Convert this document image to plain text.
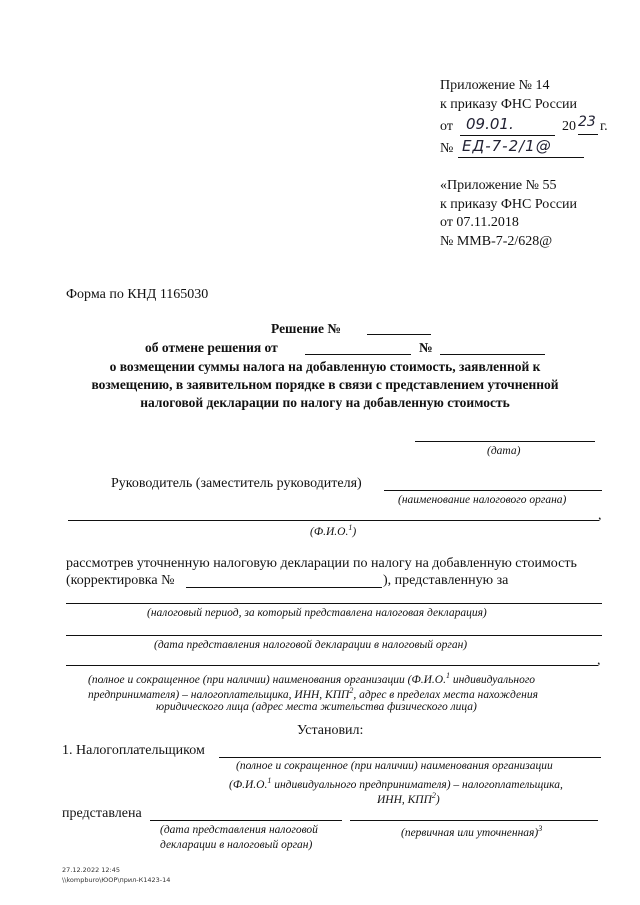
Приложение № 14
к приказу ФНС России
от 09.01.	20 23 г.
№ ЕД-7-2/1@
«Приложение № 55
к приказу ФНС России
от 07.11.2018
№ ММВ-7-2/628@
Форма по КНД 1165030
Решение №
об отмене решения от	№
о возмещении суммы налога на добавленную стоимость, заявленной к
возмещению, в заявительном порядке в связи с представлением уточненной
налоговой декларации по налогу на добавленную стоимость
(дата)
Руководитель (заместитель руководителя)
(наименование налогового органа)
,
(Ф.И.О.$^1$)
рассмотрев уточненную налоговую декларации по налогу на добавленную стоимость
(корректировка №	), представленную за
(налоговый период, за который представлена налоговая декларация)
(дата представления налоговой декларации в налоговый орган)
,
(полное и сокращенное (при наличии) наименования организации (Ф.И.О.$^1$ индивидуального
предпринимателя) – налогоплательщика, ИНН, КПП$^2$, адрес в пределах места нахождения
юридического лица (адрес места жительства физического лица)
Установил:
1. Налогоплательщиком
(полное и сокращенное (при наличии) наименования организации
(Ф.И.О.$^1$ индивидуального предпринимателя) – налогоплательщика,
ИНН, КПП$^2$)
представлена
(дата представления налоговой
декларации в налоговый орган)
(первичная или уточненная)$^3$
27.12.2022 12:45
\\kompburo\ЮОР\прил-К1423-14
